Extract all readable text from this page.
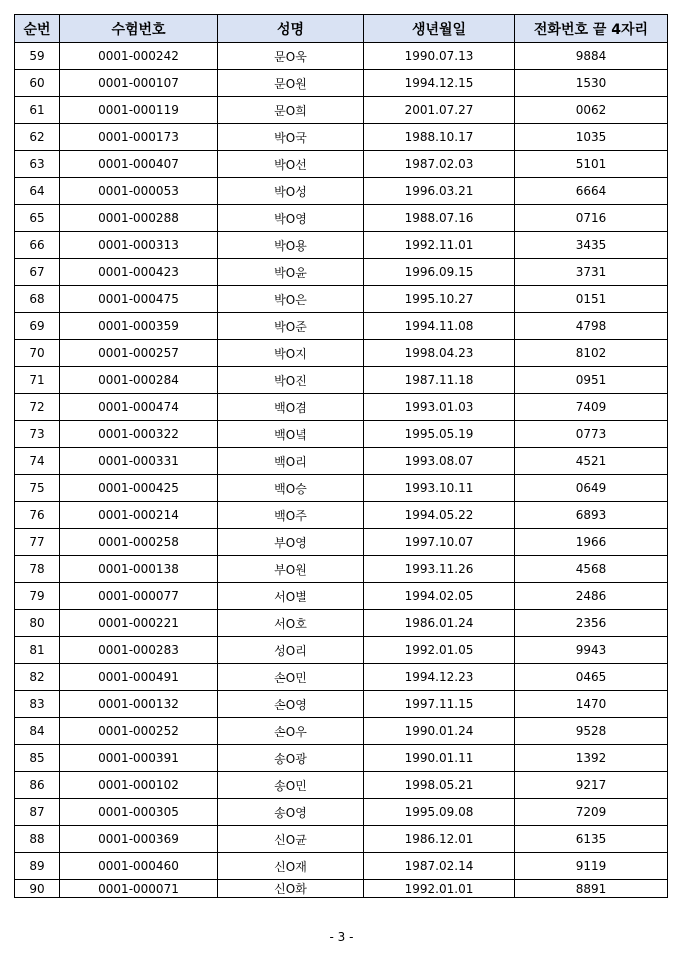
순번	수험번호	성명	생년월일	전화번호 끝 4자리
59	0001-000242	문O욱	1990.07.13	9884
60	0001-000107	문O원	1994.12.15	1530
61	0001-000119	문O희	2001.07.27	0062
62	0001-000173	박O국	1988.10.17	1035
63	0001-000407	박O선	1987.02.03	5101
64	0001-000053	박O성	1996.03.21	6664
65	0001-000288	박O영	1988.07.16	0716
66	0001-000313	박O용	1992.11.01	3435
67	0001-000423	박O윤	1996.09.15	3731
68	0001-000475	박O은	1995.10.27	0151
69	0001-000359	박O준	1994.11.08	4798
70	0001-000257	박O지	1998.04.23	8102
71	0001-000284	박O진	1987.11.18	0951
72	0001-000474	백O겸	1993.01.03	7409
73	0001-000322	백O녘	1995.05.19	0773
74	0001-000331	백O리	1993.08.07	4521
75	0001-000425	백O승	1993.10.11	0649
76	0001-000214	백O주	1994.05.22	6893
77	0001-000258	부O영	1997.10.07	1966
78	0001-000138	부O원	1993.11.26	4568
79	0001-000077	서O별	1994.02.05	2486
80	0001-000221	서O호	1986.01.24	2356
81	0001-000283	성O리	1992.01.05	9943
82	0001-000491	손O민	1994.12.23	0465
83	0001-000132	손O영	1997.11.15	1470
84	0001-000252	손O우	1990.01.24	9528
85	0001-000391	송O광	1990.01.11	1392
86	0001-000102	송O민	1998.05.21	9217
87	0001-000305	송O영	1995.09.08	7209
88	0001-000369	신O균	1986.12.01	6135
89	0001-000460	신O재	1987.02.14	9119
90	0001-000071	신O화	1992.01.01	8891
- 3 -
